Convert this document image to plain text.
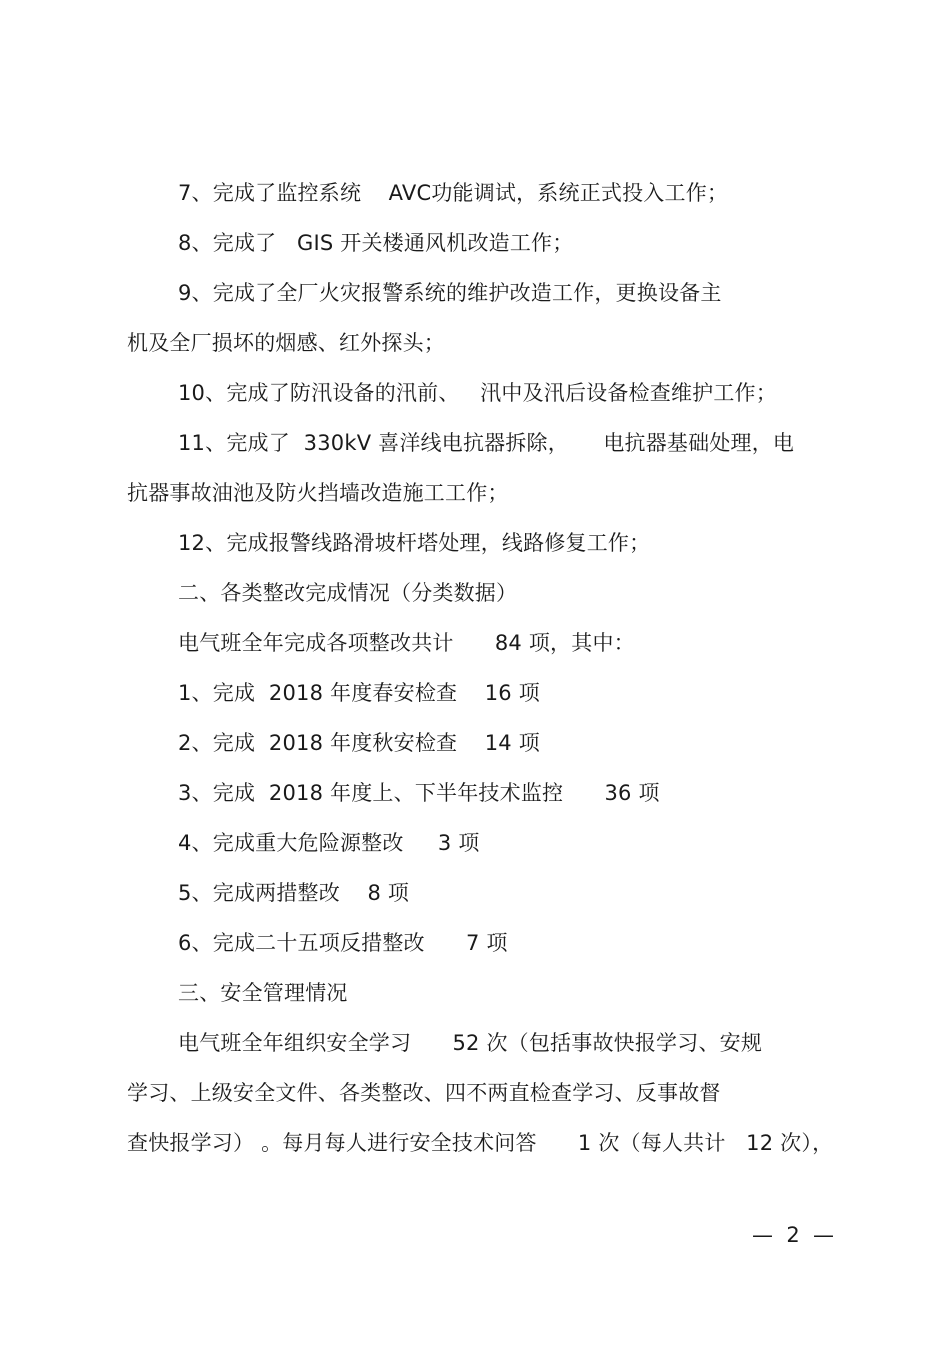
7、完成了监控系统    AVC功能调试，系统正式投入工作；
8、完成了   GIS 开关楼通风机改造工作；
9、完成了全厂火灾报警系统的维护改造工作，更换设备主
机及全厂损坏的烟感、红外探头；
10、完成了防汛设备的汛前、   汛中及汛后设备检查维护工作；
11、完成了  330kV 喜洋线电抗器拆除，     电抗器基础处理，电
抗器事故油池及防火挡墙改造施工工作；
12、完成报警线路滑坡杆塔处理，线路修复工作；
二、各类整改完成情况（分类数据）
电气班全年完成各项整改共计      84 项，其中：
1、完成  2018 年度春安检查    16 项
2、完成  2018 年度秋安检查    14 项
3、完成  2018 年度上、下半年技术监控      36 项
4、完成重大危险源整改     3 项
5、完成两措整改    8 项
6、完成二十五项反措整改      7 项
三、安全管理情况
电气班全年组织安全学习      52 次（包括事故快报学习、安规
学习、上级安全文件、各类整改、四不两直检查学习、反事故督
查快报学习） 。每月每人进行安全技术问答      1 次（每人共计   12 次），
—  2  —
